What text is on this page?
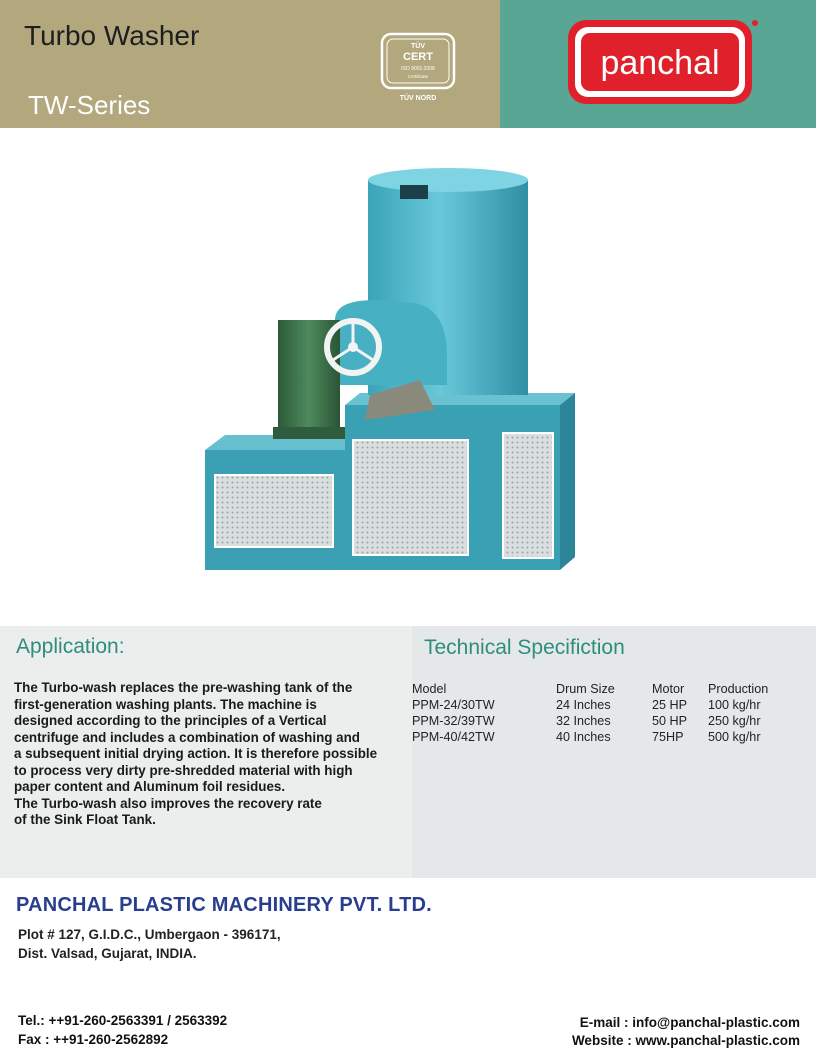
Turbo Washer
TW-Series
TÜV
CERT
ISO 9001:2008
Certificate
TÜV NORD
panchal
Application:
The Turbo-wash replaces the pre-washing tank of the
first-generation washing plants. The machine is
designed according to the principles of a Vertical
centrifuge and includes a combination of washing and
a subsequent initial drying action. It is therefore possible
to process very dirty pre-shredded material with high
paper content and Aluminum foil residues.
The Turbo-wash also improves the recovery rate
of the Sink Float Tank.
Technical Specifiction
Model	Drum Size	Motor Production
PPM-24/30TW	24 Inches	25 HP 100 kg/hr
PPM-32/39TW	32 Inches	50 HP 250 kg/hr
PPM-40/42TW	40 Inches	75HP 500 kg/hr
PANCHAL PLASTIC MACHINERY PVT. LTD.
Plot # 127, G.I.D.C., Umbergaon - 396171,
Dist. Valsad, Gujarat, INDIA.
Tel.: ++91-260-2563391 / 2563392
Fax : ++91-260-2562892
E-mail : info@panchal-plastic.com
Website : www.panchal-plastic.com
